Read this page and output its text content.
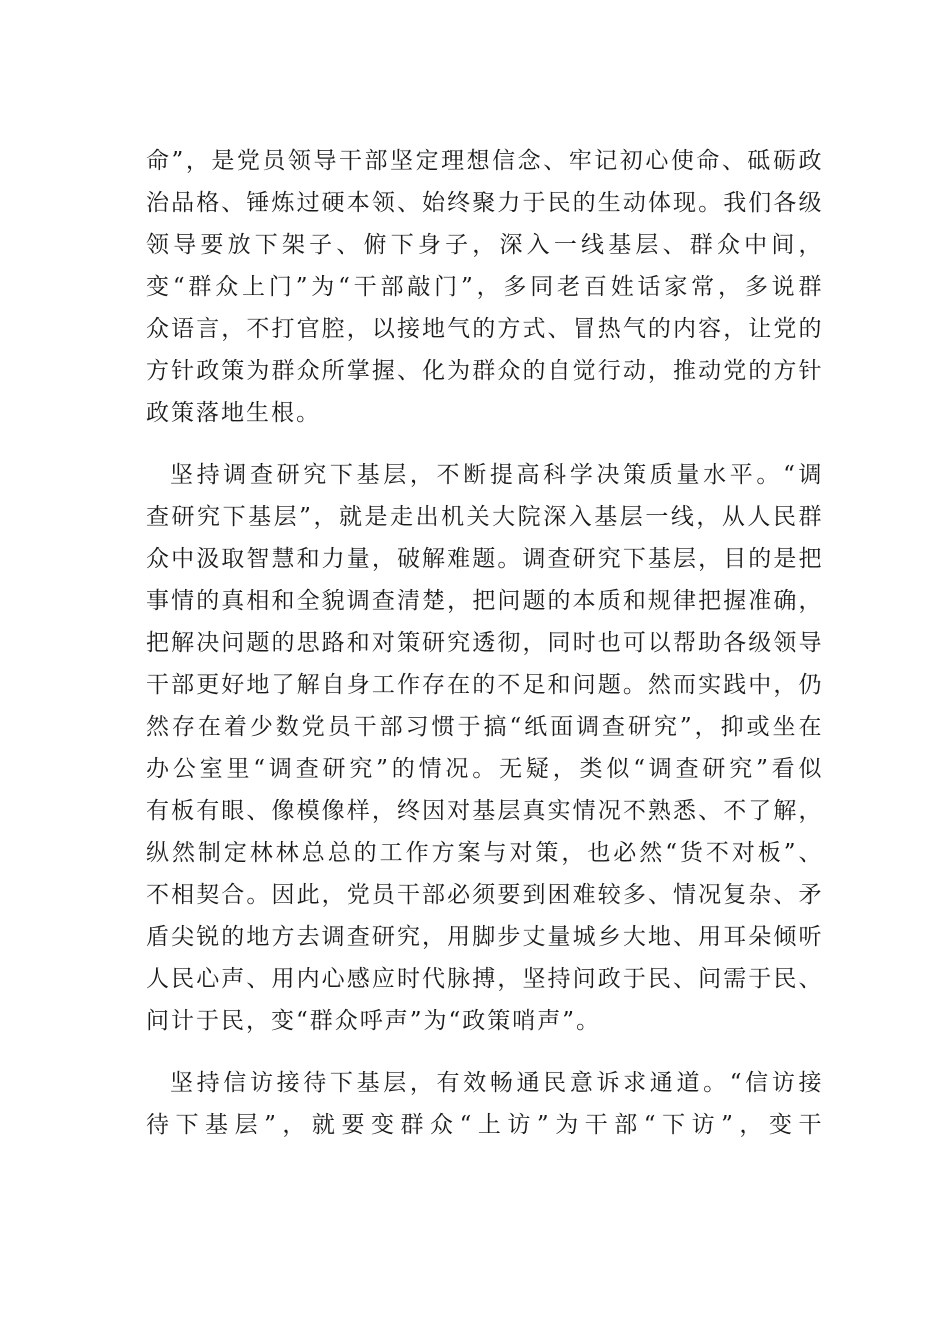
命”，是党员领导干部坚定理想信念、牢记初心使命、砥砺政
治品格、锤炼过硬本领、始终聚力于民的生动体现。我们各级
领导要放下架子、俯下身子，深入一线基层、群众中间，
变“群众上门”为“干部敲门”，多同老百姓话家常，多说群
众语言，不打官腔，以接地气的方式、冒热气的内容，让党的
方针政策为群众所掌握、化为群众的自觉行动，推动党的方针
政策落地生根。
坚持调查研究下基层，不断提高科学决策质量水平。“调
查研究下基层”，就是走出机关大院深入基层一线，从人民群
众中汲取智慧和力量，破解难题。调查研究下基层，目的是把
事情的真相和全貌调查清楚，把问题的本质和规律把握准确，
把解决问题的思路和对策研究透彻，同时也可以帮助各级领导
干部更好地了解自身工作存在的不足和问题。然而实践中，仍
然存在着少数党员干部习惯于搞“纸面调查研究”，抑或坐在
办公室里“调查研究”的情况。无疑，类似“调查研究”看似
有板有眼、像模像样，终因对基层真实情况不熟悉、不了解，
纵然制定林林总总的工作方案与对策，也必然“货不对板”、
不相契合。因此，党员干部必须要到困难较多、情况复杂、矛
盾尖锐的地方去调查研究，用脚步丈量城乡大地、用耳朵倾听
人民心声、用内心感应时代脉搏，坚持问政于民、问需于民、
问计于民，变“群众呼声”为“政策哨声”。
坚持信访接待下基层，有效畅通民意诉求通道。“信访接
待下基层”，就要变群众“上访”为干部“下访”，变干
